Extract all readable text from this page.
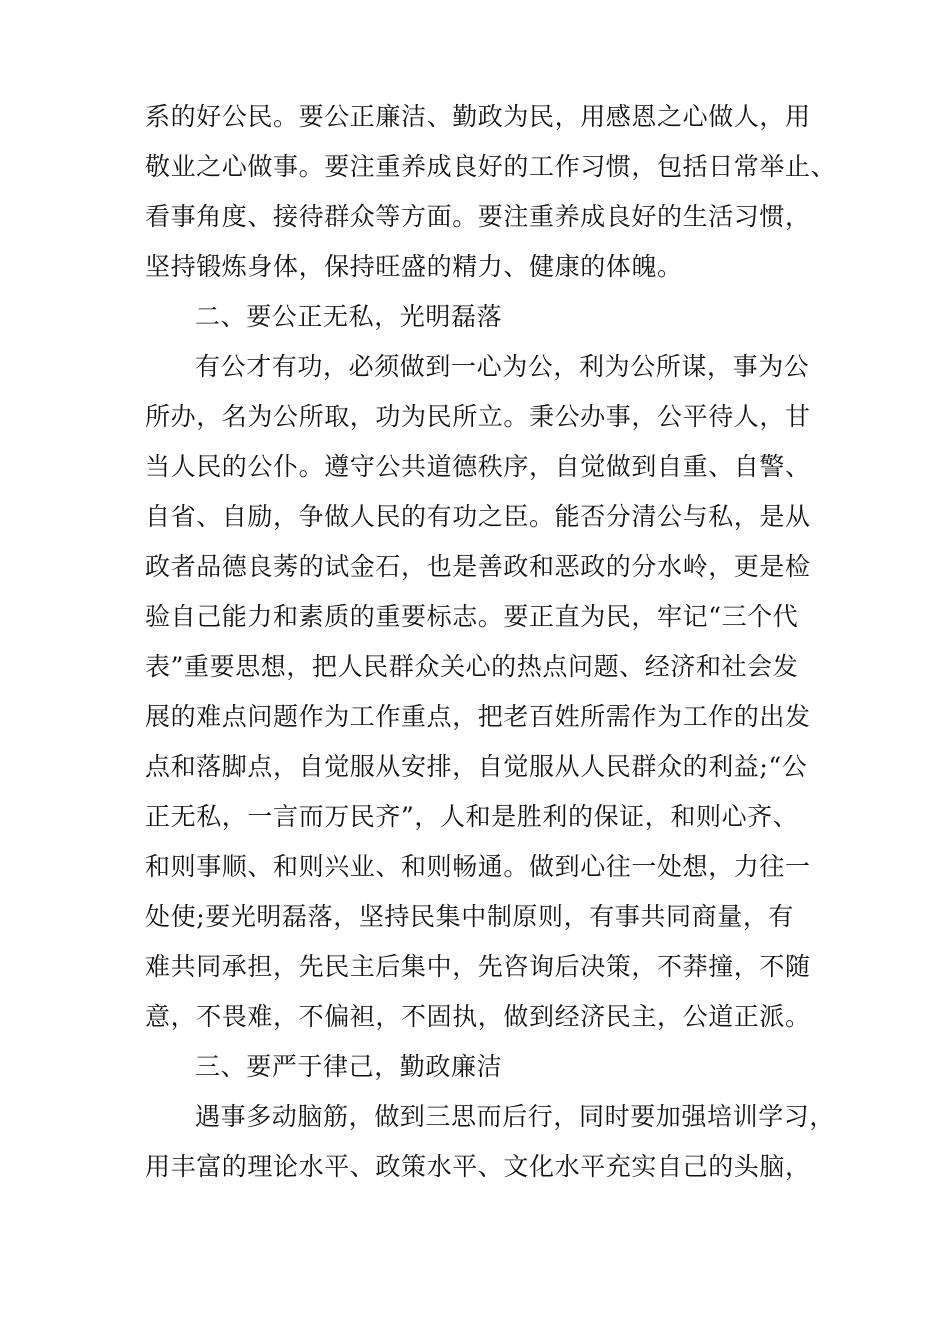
系的好公民。要公正廉洁、勤政为民，用感恩之心做人，用
敬业之心做事。要注重养成良好的工作习惯，包括日常举止、
看事角度、接待群众等方面。要注重养成良好的生活习惯，
坚持锻炼身体，保持旺盛的精力、健康的体魄。
二、要公正无私，光明磊落
有公才有功，必须做到一心为公，利为公所谋，事为公
所办，名为公所取，功为民所立。秉公办事，公平待人，甘
当人民的公仆。遵守公共道德秩序，自觉做到自重、自警、
自省、自励，争做人民的有功之臣。能否分清公与私，是从
政者品德良莠的试金石，也是善政和恶政的分水岭，更是检
验自己能力和素质的重要标志。要正直为民，牢记“三个代
表”重要思想，把人民群众关心的热点问题、经济和社会发
展的难点问题作为工作重点，把老百姓所需作为工作的出发
点和落脚点，自觉服从安排，自觉服从人民群众的利益;“公
正无私，一言而万民齐”，人和是胜利的保证，和则心齐、
和则事顺、和则兴业、和则畅通。做到心往一处想，力往一
处使;要光明磊落，坚持民集中制原则，有事共同商量，有
难共同承担，先民主后集中，先咨询后决策，不莽撞，不随
意，不畏难，不偏袒，不固执，做到经济民主，公道正派。
三、要严于律己，勤政廉洁
遇事多动脑筋，做到三思而后行，同时要加强培训学习，
用丰富的理论水平、政策水平、文化水平充实自己的头脑，
